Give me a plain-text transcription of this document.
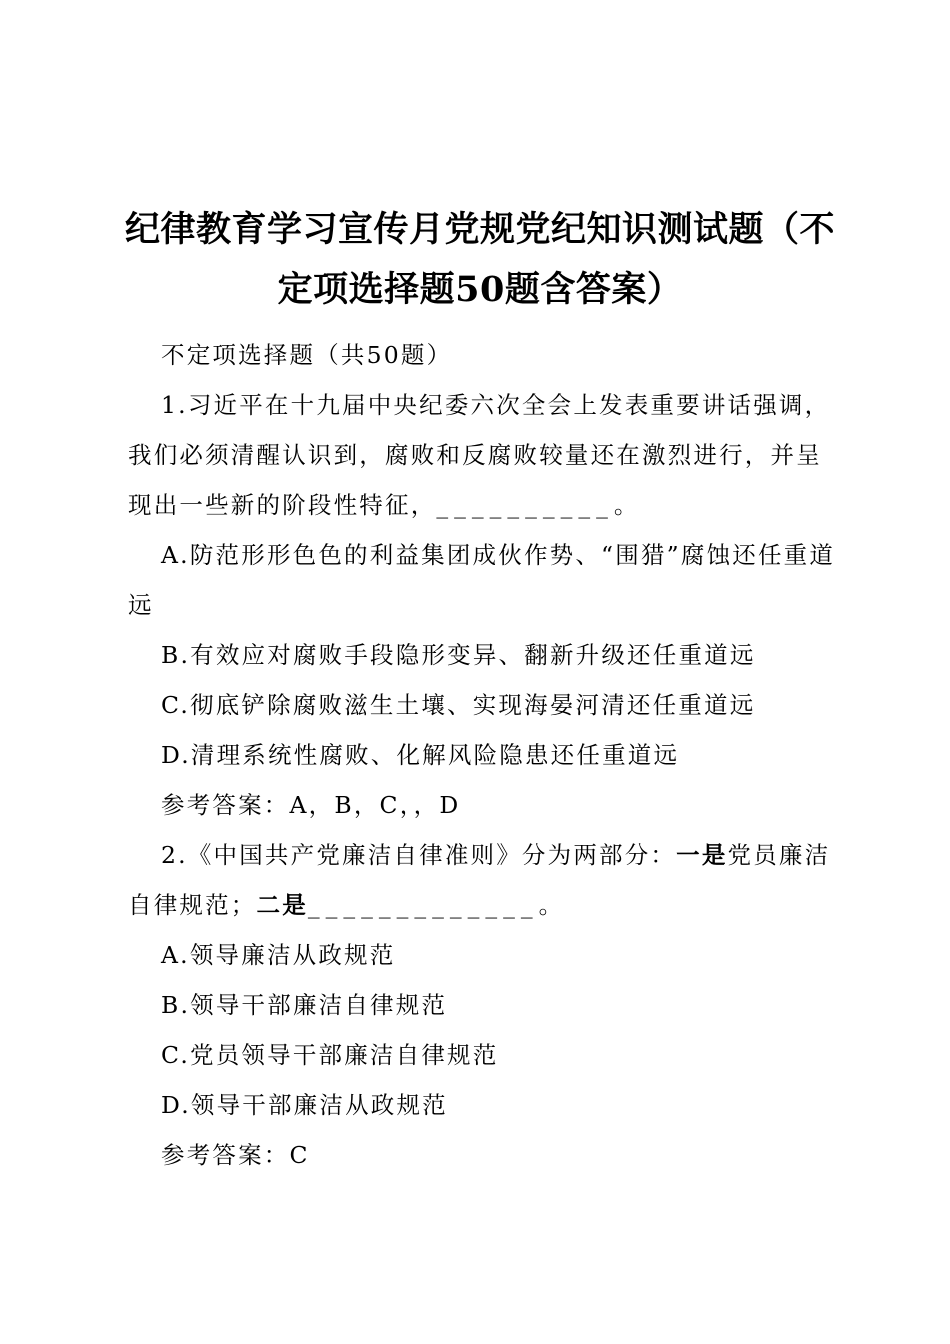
纪律教育学习宣传月党规党纪知识测试题（不定项选择题50题含答案）

不定项选择题（共50题）

1.习近平在十九届中央纪委六次全会上发表重要讲话强调，我们必须清醒认识到，腐败和反腐败较量还在激烈进行，并呈现出一些新的阶段性特征，__________。

A.防范形形色色的利益集团成伙作势、“围猎”腐蚀还任重道远

B.有效应对腐败手段隐形变异、翻新升级还任重道远

C.彻底铲除腐败滋生土壤、实现海晏河清还任重道远

D.清理系统性腐败、化解风险隐患还任重道远

参考答案：A，B，C，，D

2.《中国共产党廉洁自律准则》分为两部分：一是党员廉洁自律规范；二是_____________。

A.领导廉洁从政规范

B.领导干部廉洁自律规范

C.党员领导干部廉洁自律规范

D.领导干部廉洁从政规范

参考答案：C
